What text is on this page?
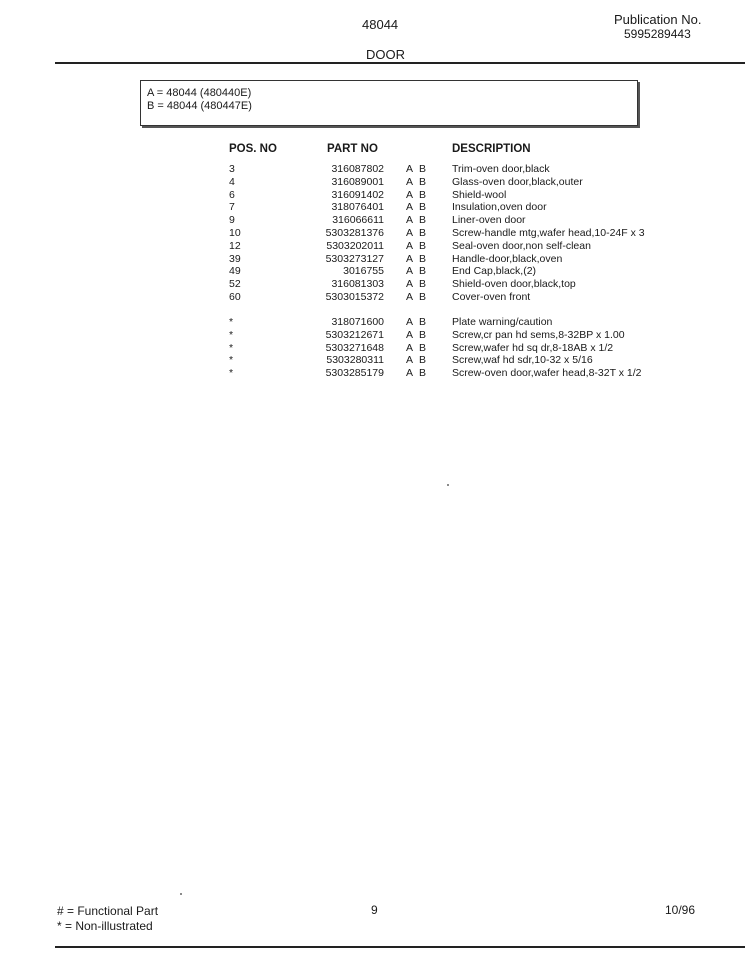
48044	Publication No.
5995289443
DOOR
A = 48044 (480440E)
B = 48044 (480447E)
POS. NO	PART NO	DESCRIPTION
3	316087802 A B Trim-oven door,black
4	316089001 A B Glass-oven door,black,outer
6	316091402 A B Shield-wool
7	318076401 A B Insulation,oven door
9	316066611 A B Liner-oven door
10	5303281376 A B Screw-handle mtg,wafer head,10-24F x 3
12	5303202011 A B Seal-oven door,non self-clean
39	5303273127 A B Handle-door,black,oven
49	3016755 A B End Cap,black,(2)
52	316081303 A B Shield-oven door,black,top
60	5303015372 A B Cover-oven front
*	318071600 A B Plate warning/caution
*	5303212671 A B Screw,cr pan hd sems,8-32BP x 1.00
*	5303271648 A B Screw,wafer hd sq dr,8-18AB x 1/2
*	5303280311 A B Screw,waf hd sdr,10-32 x 5/16
*	5303285179 A B Screw-oven door,wafer head,8-32T x 1/2
# = Functional Part
* = Non-illustrated
9	10/96
